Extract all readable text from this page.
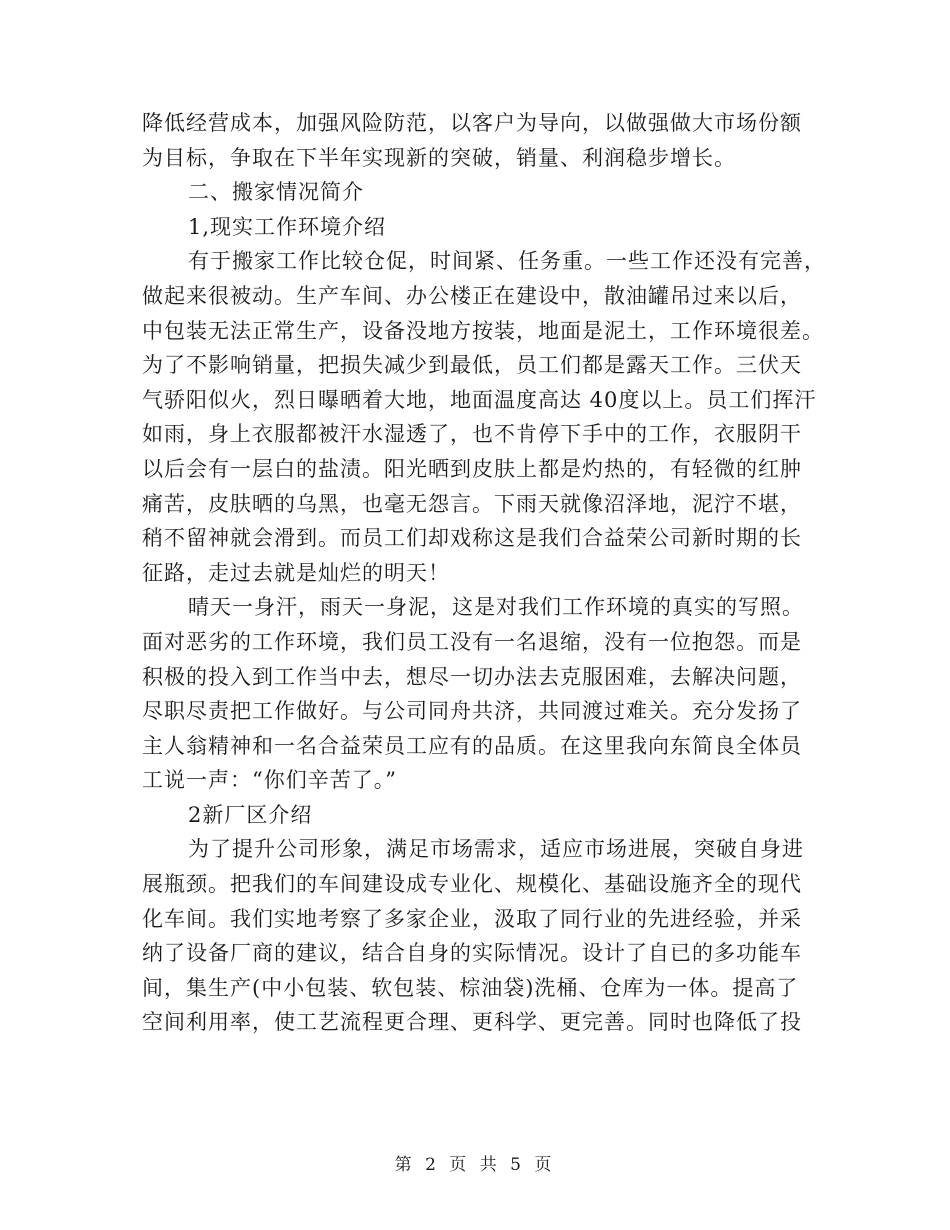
降低经营成本，加强风险防范，以客户为导向，以做强做大市场份额
为目标，争取在下半年实现新的突破，销量、利润稳步增长。
二、搬家情况简介
1,现实工作环境介绍
有于搬家工作比较仓促，时间紧、任务重。一些工作还没有完善，
做起来很被动。生产车间、办公楼正在建设中，散油罐吊过来以后，
中包装无法正常生产，设备没地方按装，地面是泥土，工作环境很差。
为了不影响销量，把损失减少到最低，员工们都是露天工作。三伏天
气骄阳似火，烈日曝晒着大地，地面温度高达 40度以上。员工们挥汗
如雨，身上衣服都被汗水湿透了，也不肯停下手中的工作，衣服阴干
以后会有一层白的盐渍。阳光晒到皮肤上都是灼热的，有轻微的红肿
痛苦，皮肤晒的乌黑，也毫无怨言。下雨天就像沼泽地，泥泞不堪，
稍不留神就会滑到。而员工们却戏称这是我们合益荣公司新时期的长
征路，走过去就是灿烂的明天！
晴天一身汗，雨天一身泥，这是对我们工作环境的真实的写照。
面对恶劣的工作环境，我们员工没有一名退缩，没有一位抱怨。而是
积极的投入到工作当中去，想尽一切办法去克服困难，去解决问题，
尽职尽责把工作做好。与公司同舟共济，共同渡过难关。充分发扬了
主人翁精神和一名合益荣员工应有的品质。在这里我向东简良全体员
工说一声：“你们辛苦了。”
2新厂区介绍
为了提升公司形象，满足市场需求，适应市场进展，突破自身进
展瓶颈。把我们的车间建设成专业化、规模化、基础设施齐全的现代
化车间。我们实地考察了多家企业，汲取了同行业的先进经验，并采
纳了设备厂商的建议，结合自身的实际情况。设计了自已的多功能车
间，集生产(中小包装、软包装、棕油袋)洗桶、仓库为一体。提高了
空间利用率，使工艺流程更合理、更科学、更完善。同时也降低了投
第 2 页 共 5 页
